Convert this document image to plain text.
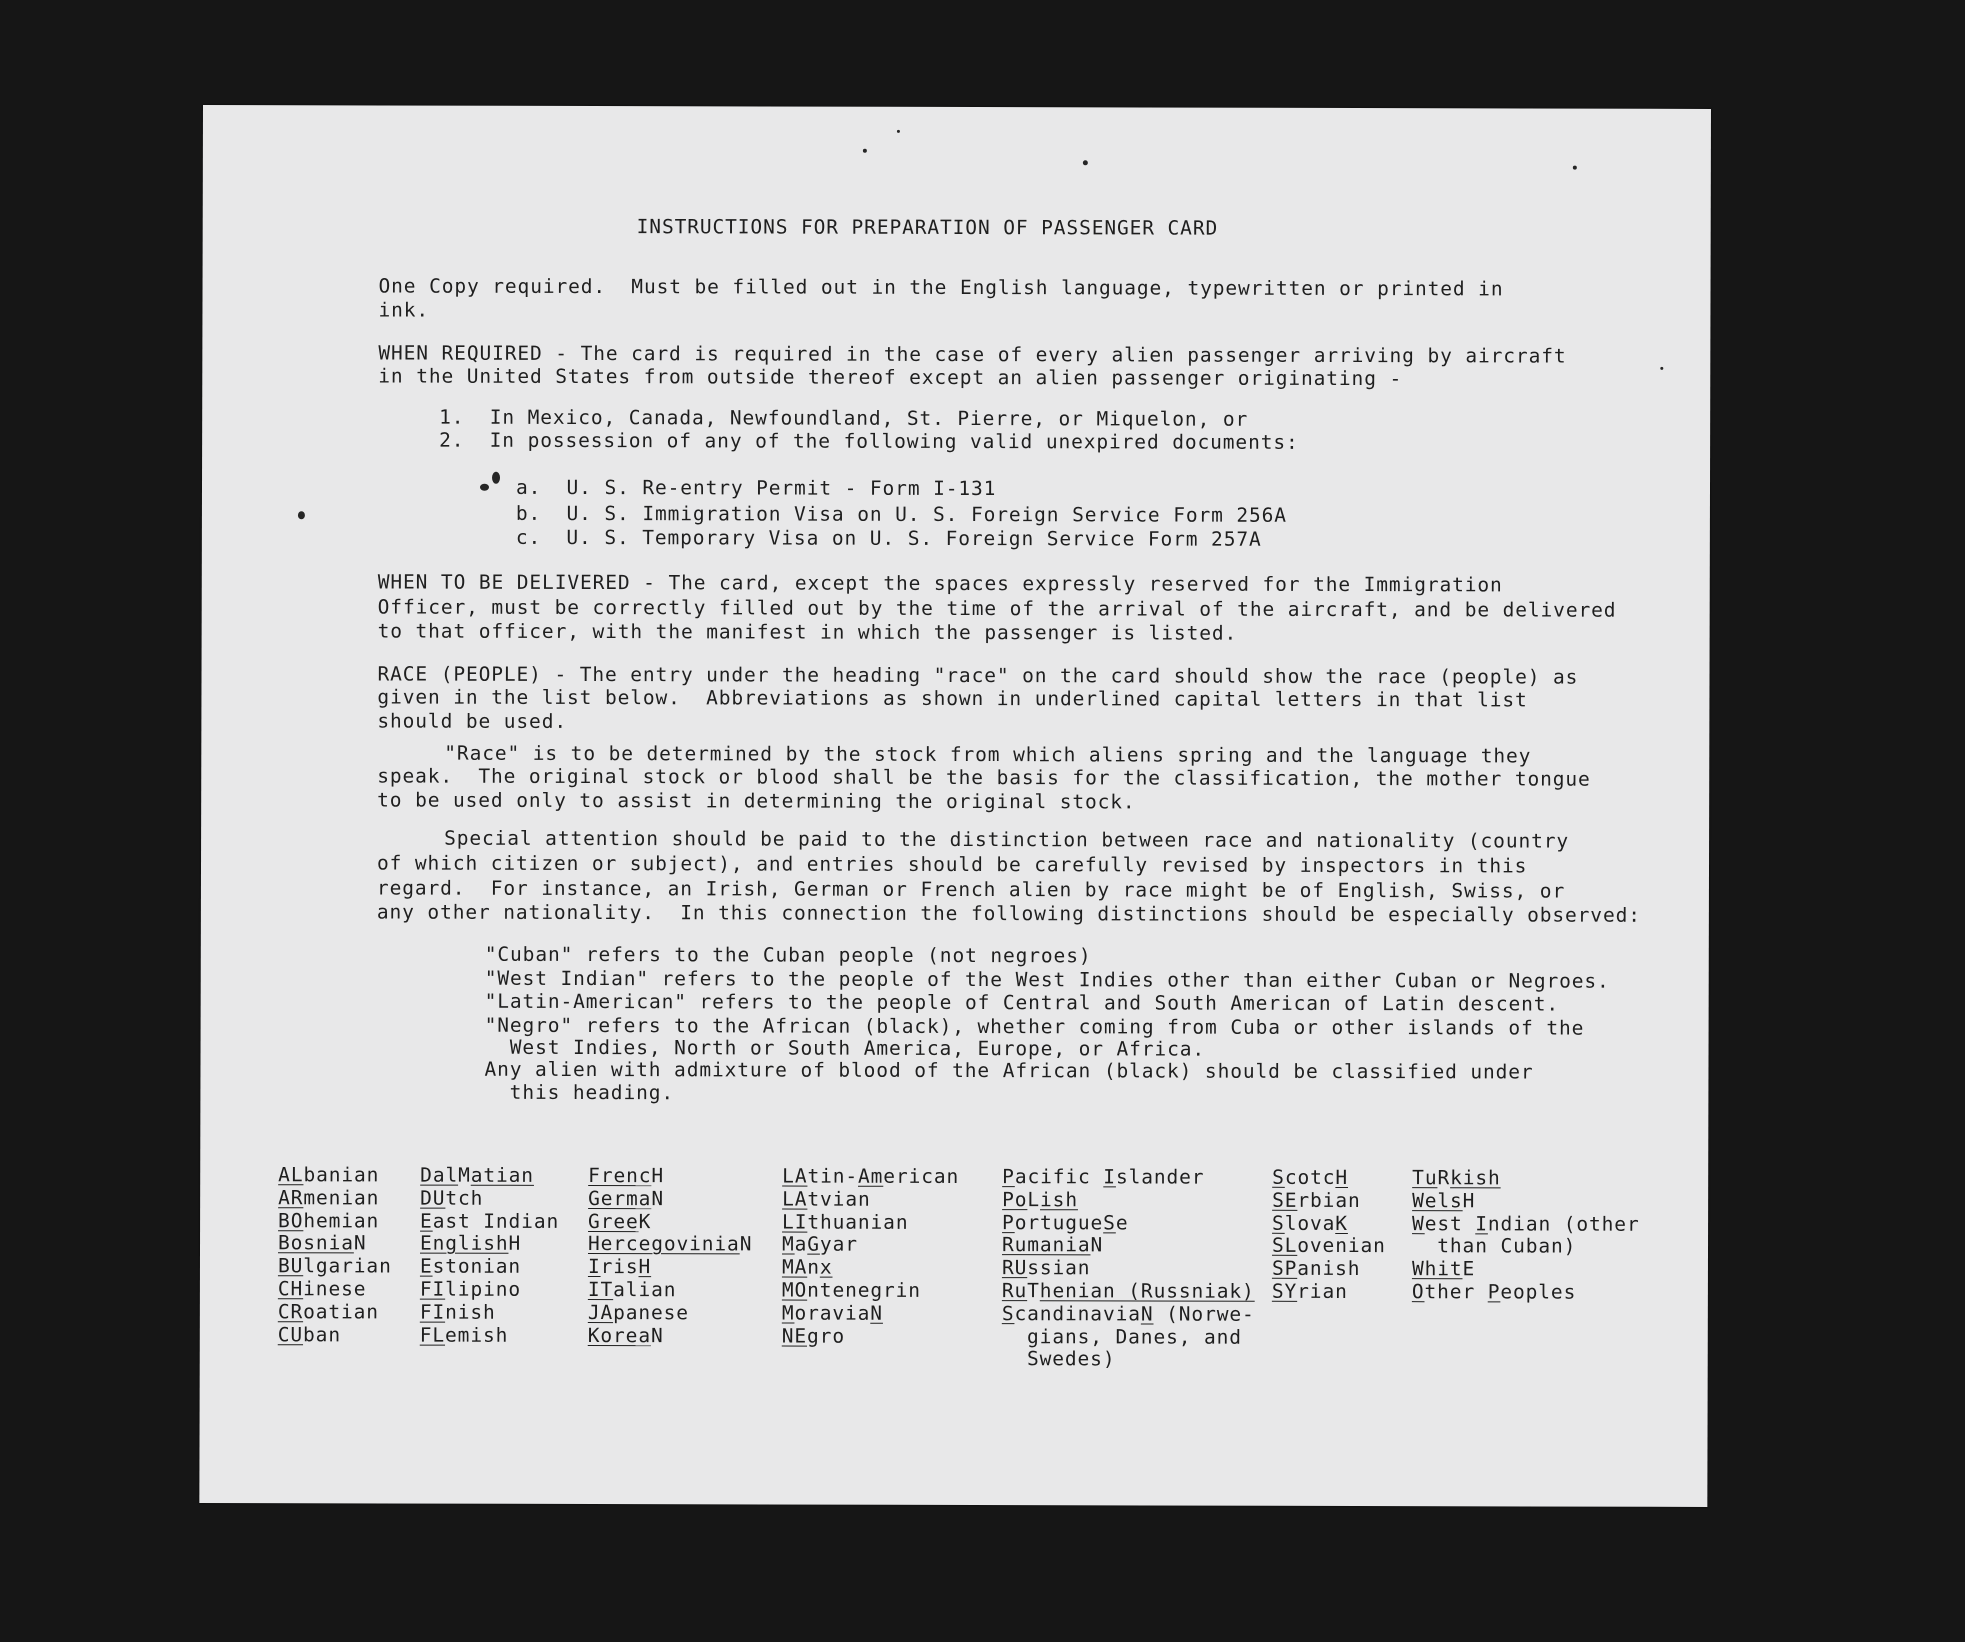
INSTRUCTIONS FOR PREPARATION OF PASSENGER CARD
One Copy required.  Must be filled out in the English language, typewritten or printed in
ink.
WHEN REQUIRED - The card is required in the case of every alien passenger arriving by aircraft
in the United States from outside thereof except an alien passenger originating -
1.  In Mexico, Canada, Newfoundland, St. Pierre, or Miquelon, or
2.  In possession of any of the following valid unexpired documents:
a.  U. S. Re-entry Permit - Form I-131
b.  U. S. Immigration Visa on U. S. Foreign Service Form 256A
c.  U. S. Temporary Visa on U. S. Foreign Service Form 257A
WHEN TO BE DELIVERED - The card, except the spaces expressly reserved for the Immigration
Officer, must be correctly filled out by the time of the arrival of the aircraft, and be delivered
to that officer, with the manifest in which the passenger is listed.
RACE (PEOPLE) - The entry under the heading "race" on the card should show the race (people) as
given in the list below.  Abbreviations as shown in underlined capital letters in that list
should be used.
"Race" is to be determined by the stock from which aliens spring and the language they
speak.  The original stock or blood shall be the basis for the classification, the mother tongue
to be used only to assist in determining the original stock.
Special attention should be paid to the distinction between race and nationality (country
of which citizen or subject), and entries should be carefully revised by inspectors in this
regard.  For instance, an Irish, German or French alien by race might be of English, Swiss, or
any other nationality.  In this connection the following distinctions should be especially observed:
"Cuban" refers to the Cuban people (not negroes)
"West Indian" refers to the people of the West Indies other than either Cuban or Negroes.
"Latin-American" refers to the people of Central and South American of Latin descent.
"Negro" refers to the African (black), whether coming from Cuba or other islands of the
West Indies, North or South America, Europe, or Africa.
Any alien with admixture of blood of the African (black) should be classified under
this heading.
ALbanian
ARmenian
BOhemian
BosniaN
BUlgarian
CHinese
CRoatian
CUban
DalMatian
DUtch
East Indian
EnglishH
Estonian
FIlipino
FInish
FLemish
FrencH
GermaN
GreeK
HercegoviniaN
IrisH
ITalian
JApanese
KoreaN
LAtin-American
LAtvian
LIthuanian
MaGyar
MAnx
MOntenegrin
MoraviaN
NEgro
Pacific Islander
PoLish
PortugueSe
RumaniaN
RUssian
RuThenian (Russniak)
ScandinaviaN (Norwe-
gians, Danes, and
Swedes)
ScotcH
SErbian
SlovaK
SLovenian
SPanish
SYrian
TuRkish
WelsH
West Indian (other
than Cuban)
WhitE
Other Peoples
